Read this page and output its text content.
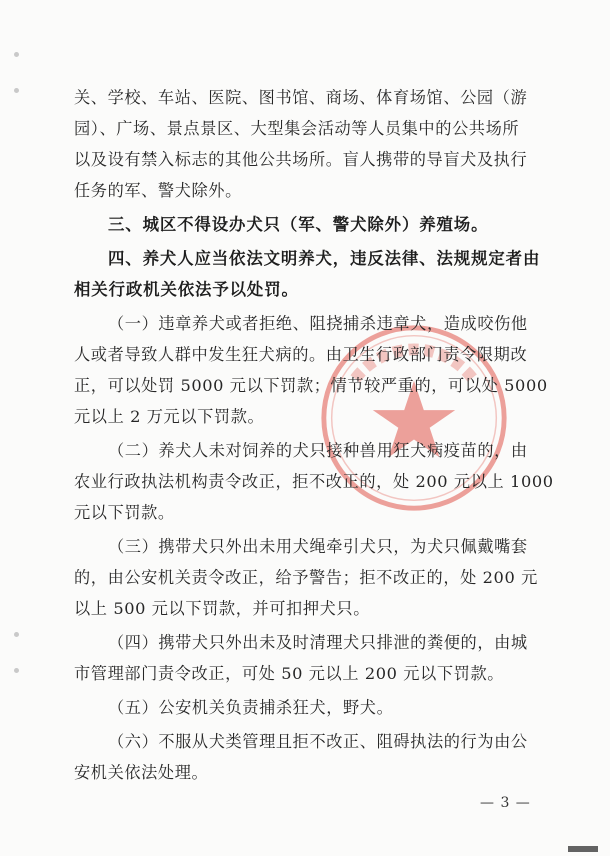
关、学校、车站、医院、图书馆、商场、体育场馆、公园（游
园）、广场、景点景区、大型集会活动等人员集中的公共场所
以及设有禁入标志的其他公共场所。盲人携带的导盲犬及执行
任务的军、警犬除外。
三、城区不得设办犬只（军、警犬除外）养殖场。
四、养犬人应当依法文明养犬，违反法律、法规规定者由
相关行政机关依法予以处罚。
（一）违章养犬或者拒绝、阻挠捕杀违章犬，造成咬伤他
人或者导致人群中发生狂犬病的。由卫生行政部门责令限期改
正，可以处罚 5000 元以下罚款；情节较严重的，可以处 5000
元以上 2 万元以下罚款。
（二）养犬人未对饲养的犬只接种兽用狂犬病疫苗的，由
农业行政执法机构责令改正，拒不改正的，处 200 元以上 1000
元以下罚款。
（三）携带犬只外出未用犬绳牵引犬只，为犬只佩戴嘴套
的，由公安机关责令改正，给予警告；拒不改正的，处 200 元
以上 500 元以下罚款，并可扣押犬只。
（四）携带犬只外出未及时清理犬只排泄的粪便的，由城
市管理部门责令改正，可处 50 元以上 200 元以下罚款。
（五）公安机关负责捕杀狂犬，野犬。
（六）不服从犬类管理且拒不改正、阻碍执法的行为由公
安机关依法处理。
— 3 —
